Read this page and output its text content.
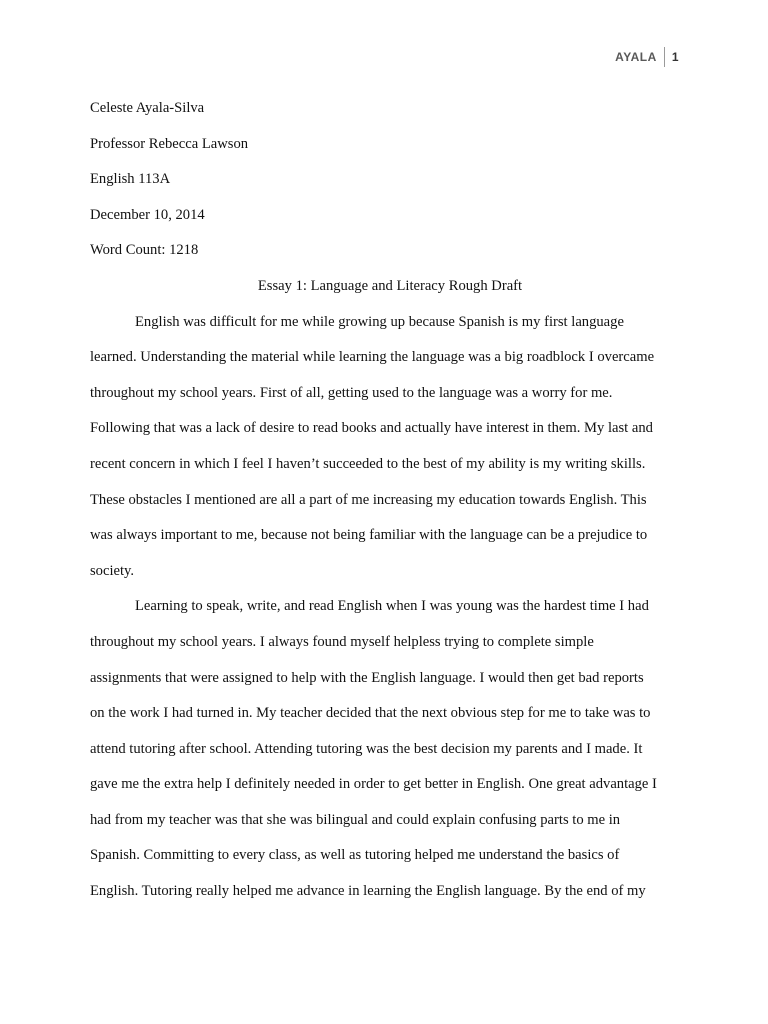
AYALA	1

Celeste Ayala-Silva

Professor Rebecca Lawson

English 113A

December 10, 2014

Word Count: 1218

Essay 1: Language and Literacy Rough Draft

English was difficult for me while growing up because Spanish is my first language
learned. Understanding the material while learning the language was a big roadblock I overcame
throughout my school years. First of all, getting used to the language was a worry for me.
Following that was a lack of desire to read books and actually have interest in them. My last and
recent concern in which I feel I haven’t succeeded to the best of my ability is my writing skills.
These obstacles I mentioned are all a part of me increasing my education towards English. This
was always important to me, because not being familiar with the language can be a prejudice to
society.

Learning to speak, write, and read English when I was young was the hardest time I had
throughout my school years. I always found myself helpless trying to complete simple
assignments that were assigned to help with the English language. I would then get bad reports
on the work I had turned in. My teacher decided that the next obvious step for me to take was to
attend tutoring after school. Attending tutoring was the best decision my parents and I made. It
gave me the extra help I definitely needed in order to get better in English. One great advantage I
had from my teacher was that she was bilingual and could explain confusing parts to me in
Spanish. Committing to every class, as well as tutoring helped me understand the basics of
English. Tutoring really helped me advance in learning the English language. By the end of my
